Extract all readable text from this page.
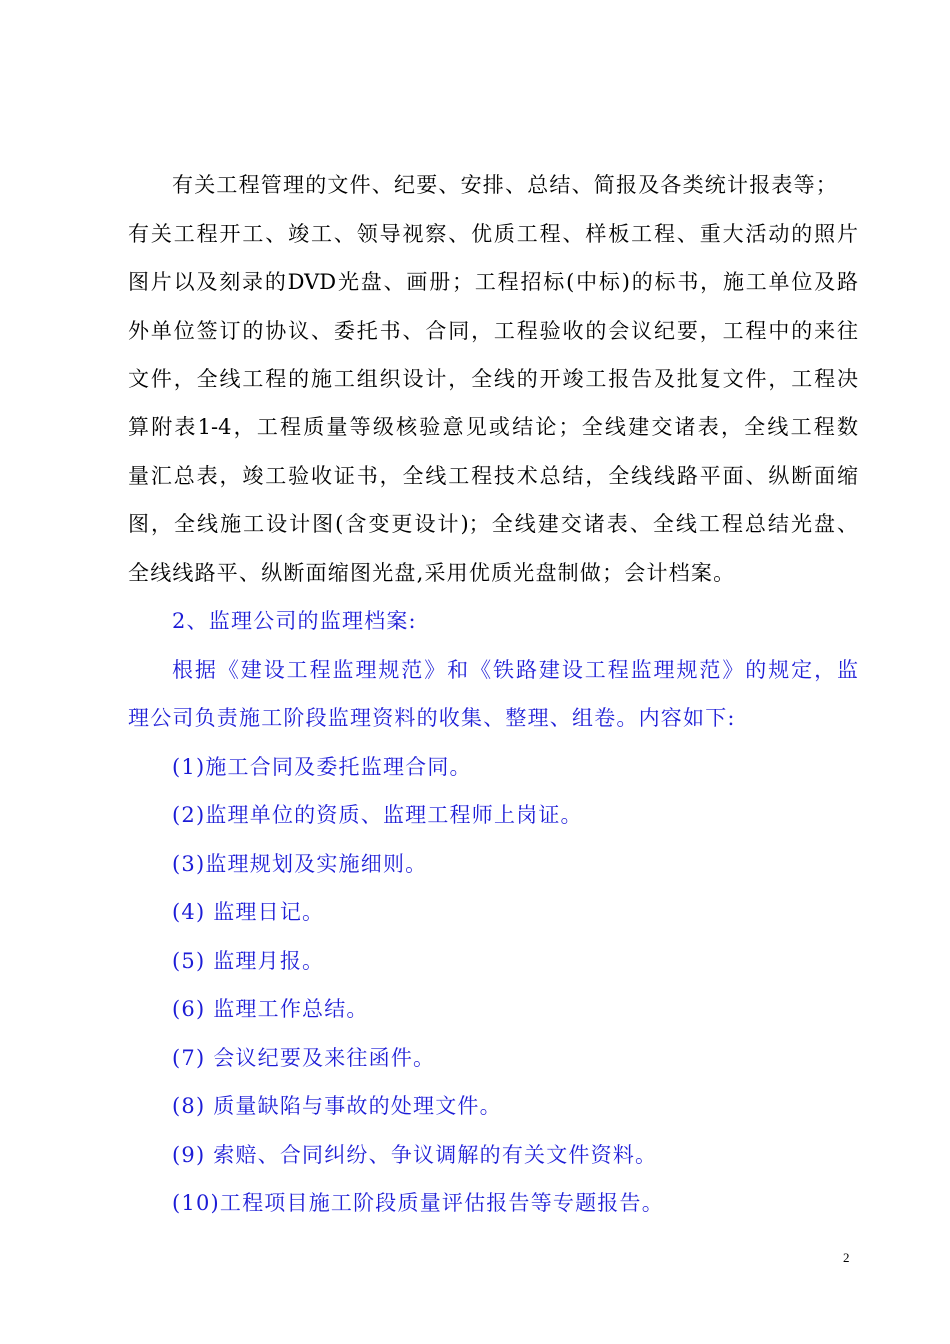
有关工程管理的文件、纪要、安排、总结、简报及各类统计报表等；
有关工程开工、竣工、领导视察、优质工程、样板工程、重大活动的照片
图片以及刻录的DVD光盘、画册；工程招标(中标)的标书，施工单位及路
外单位签订的协议、委托书、合同，工程验收的会议纪要，工程中的来往
文件，全线工程的施工组织设计，全线的开竣工报告及批复文件，工程决
算附表1-4，工程质量等级核验意见或结论；全线建交诸表，全线工程数
量汇总表，竣工验收证书，全线工程技术总结，全线线路平面、纵断面缩
图，全线施工设计图(含变更设计)；全线建交诸表、全线工程总结光盘、
全线线路平、纵断面缩图光盘,采用优质光盘制做；会计档案。
2、监理公司的监理档案:
根据《建设工程监理规范》和《铁路建设工程监理规范》的规定，监
理公司负责施工阶段监理资料的收集、整理、组卷。内容如下:
(1)施工合同及委托监理合同。
(2)监理单位的资质、监理工程师上岗证。
(3)监理规划及实施细则。
(4) 监理日记。
(5) 监理月报。
(6) 监理工作总结。
(7) 会议纪要及来往函件。
(8) 质量缺陷与事故的处理文件。
(9) 索赔、合同纠纷、争议调解的有关文件资料。
(10)工程项目施工阶段质量评估报告等专题报告。
2
